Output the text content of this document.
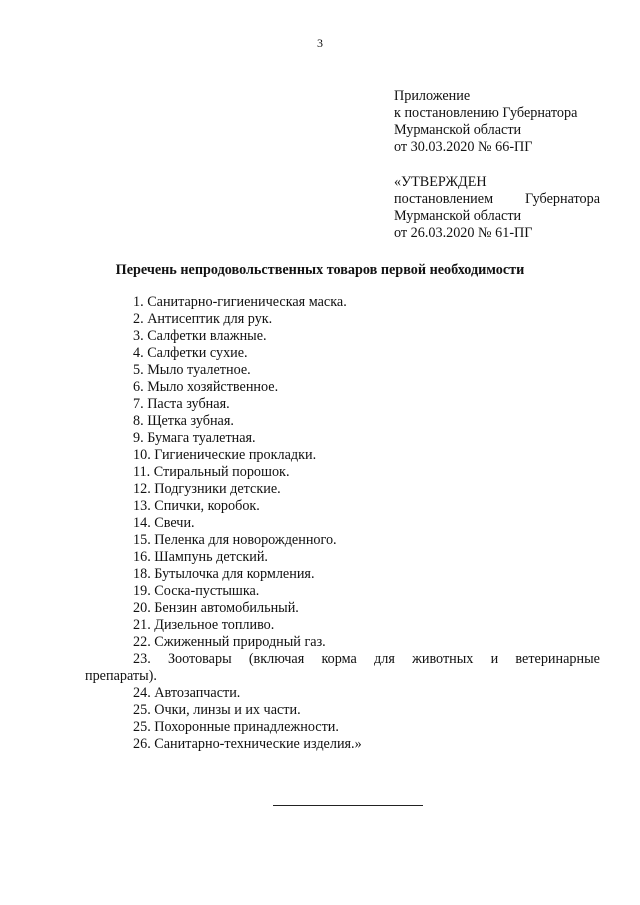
3
Приложение
к постановлению Губернатора
Мурманской области
от 30.03.2020 № 66-ПГ
«УТВЕРЖДЕН
постановлением Губернатора
Мурманской области
от 26.03.2020 № 61-ПГ
Перечень непродовольственных товаров первой необходимости
1. Санитарно-гигиеническая маска.
2. Антисептик для рук.
3. Салфетки влажные.
4. Салфетки сухие.
5. Мыло туалетное.
6. Мыло хозяйственное.
7. Паста зубная.
8. Щетка зубная.
9. Бумага туалетная.
10. Гигиенические прокладки.
11. Стиральный порошок.
12. Подгузники детские.
13. Спички, коробок.
14. Свечи.
15. Пеленка для новорожденного.
16. Шампунь детский.
18. Бутылочка для кормления.
19. Соска-пустышка.
20. Бензин автомобильный.
21. Дизельное топливо.
22. Сжиженный природный газ.
23. Зоотовары (включая корма для животных и ветеринарные
препараты).
24. Автозапчасти.
25. Очки, линзы и их части.
25. Похоронные принадлежности.
26. Санитарно-технические изделия.»
